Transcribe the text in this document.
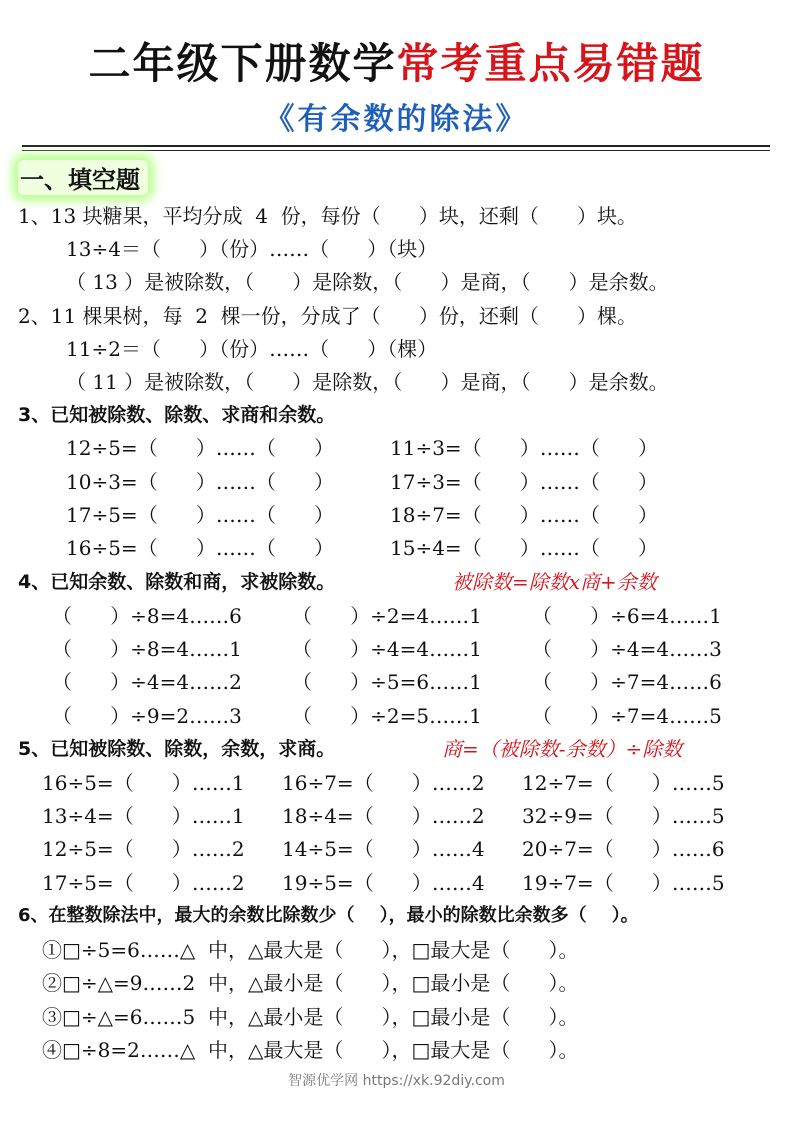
二年级下册数学常考重点易错题
《有余数的除法》
一、填空题
1、13 块糖果，平均分成  4  份，每份（      ）块，还剩（      ）块。
13÷4＝（      ）（份）……（      ）（块）
（ 13 ）是被除数，（      ）是除数，（      ）是商，（      ）是余数。
2、11 棵果树，每  2  棵一份，分成了（      ）份，还剩（      ）棵。
11÷2＝（      ）（份）……（      ）（棵）
（ 11 ）是被除数，（      ）是除数，（      ）是商，（      ）是余数。
3、已知被除数、除数、求商和余数。
12÷5=（      ）……（      ）
10÷3=（      ）……（      ）
17÷5=（      ）……（      ）
16÷5=（      ）……（      ）
11÷3=（      ）……（      ）
17÷3=（      ）……（      ）
18÷7=（      ）……（      ）
15÷4=（      ）……（      ）
4、已知余数、除数和商，求被除数。	被除数=除数x商+余数
（      ）÷8=4……6
（      ）÷8=4……1
（      ）÷4=4……2
（      ）÷9=2……3
（      ）÷2=4……1
（      ）÷4=4……1
（      ）÷5=6……1
（      ）÷2=5……1
（      ）÷6=4……1
（      ）÷4=4……3
（      ）÷7=4……6
（      ）÷7=4……5
5、已知被除数、除数，余数，求商。	商=（被除数-余数）÷除数
16÷5=（      ）……1
13÷4=（      ）……1
12÷5=（      ）……2
17÷5=（      ）……2
16÷7=（      ）……2
18÷4=（      ）……2
14÷5=（      ）……4
19÷5=（      ）……4
12÷7=（      ）……5
32÷9=（      ）……5
20÷7=（      ）……6
19÷7=（      ）……5
6、在整数除法中，最大的余数比除数少（    ），最小的除数比余数多（    ）。
①□÷5=6……△  中，△最大是（      ），□最大是（      ）。
②□÷△=9……2  中，△最小是（      ），□最小是（      ）。
③□÷△=6……5  中，△最小是（      ），□最小是（      ）。
④□÷8=2……△  中，△最大是（      ），□最大是（      ）。
智源优学网 https://xk.92diy.com
